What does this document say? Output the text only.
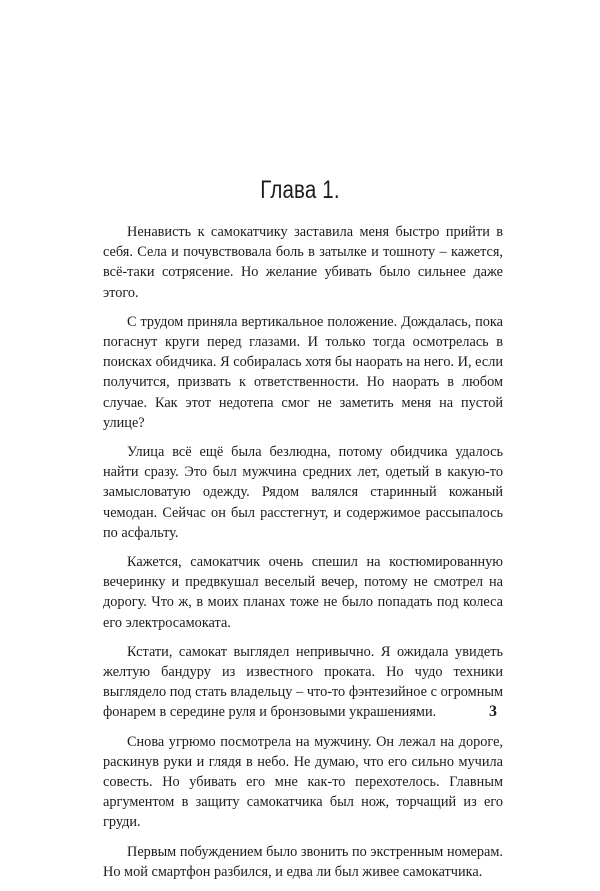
Глава 1.

Ненависть к самокатчику заставила меня быстро прийти в себя. Села и почувствовала боль в затылке и тошноту – кажется, всё-таки сотрясение. Но желание убивать было сильнее даже этого.

С трудом приняла вертикальное положение. Дождалась, пока погаснут круги перед глазами. И только тогда осмотрелась в поисках обидчика. Я собиралась хотя бы наорать на него. И, если получится, призвать к ответственности. Но наорать в любом случае. Как этот недотепа смог не заметить меня на пустой улице?

Улица всё ещё была безлюдна, потому обидчика удалось найти сразу. Это был мужчина средних лет, одетый в какую-то замысловатую одежду. Рядом валялся старинный кожаный чемодан. Сейчас он был расстегнут, и содержимое рассыпалось по асфальту.

Кажется, самокатчик очень спешил на костюмированную вечеринку и предвкушал веселый вечер, потому не смотрел на дорогу. Что ж, в моих планах тоже не было попадать под колеса его электросамоката.

Кстати, самокат выглядел непривычно. Я ожидала увидеть желтую бандуру из известного проката. Но чудо техники выглядело под стать владельцу – что-то фэнтезийное с огромным фонарем в середине руля и бронзовыми украшениями.

Снова угрюмо посмотрела на мужчину. Он лежал на дороге, раскинув руки и глядя в небо. Не думаю, что его сильно мучила совесть. Но убивать его мне как-то перехотелось. Главным аргументом в защиту самокатчика был нож, торчащий из его груди.

Первым побуждением было звонить по экстренным номерам. Но мой смартфон разбился, и едва ли был живее самокатчика.

3
